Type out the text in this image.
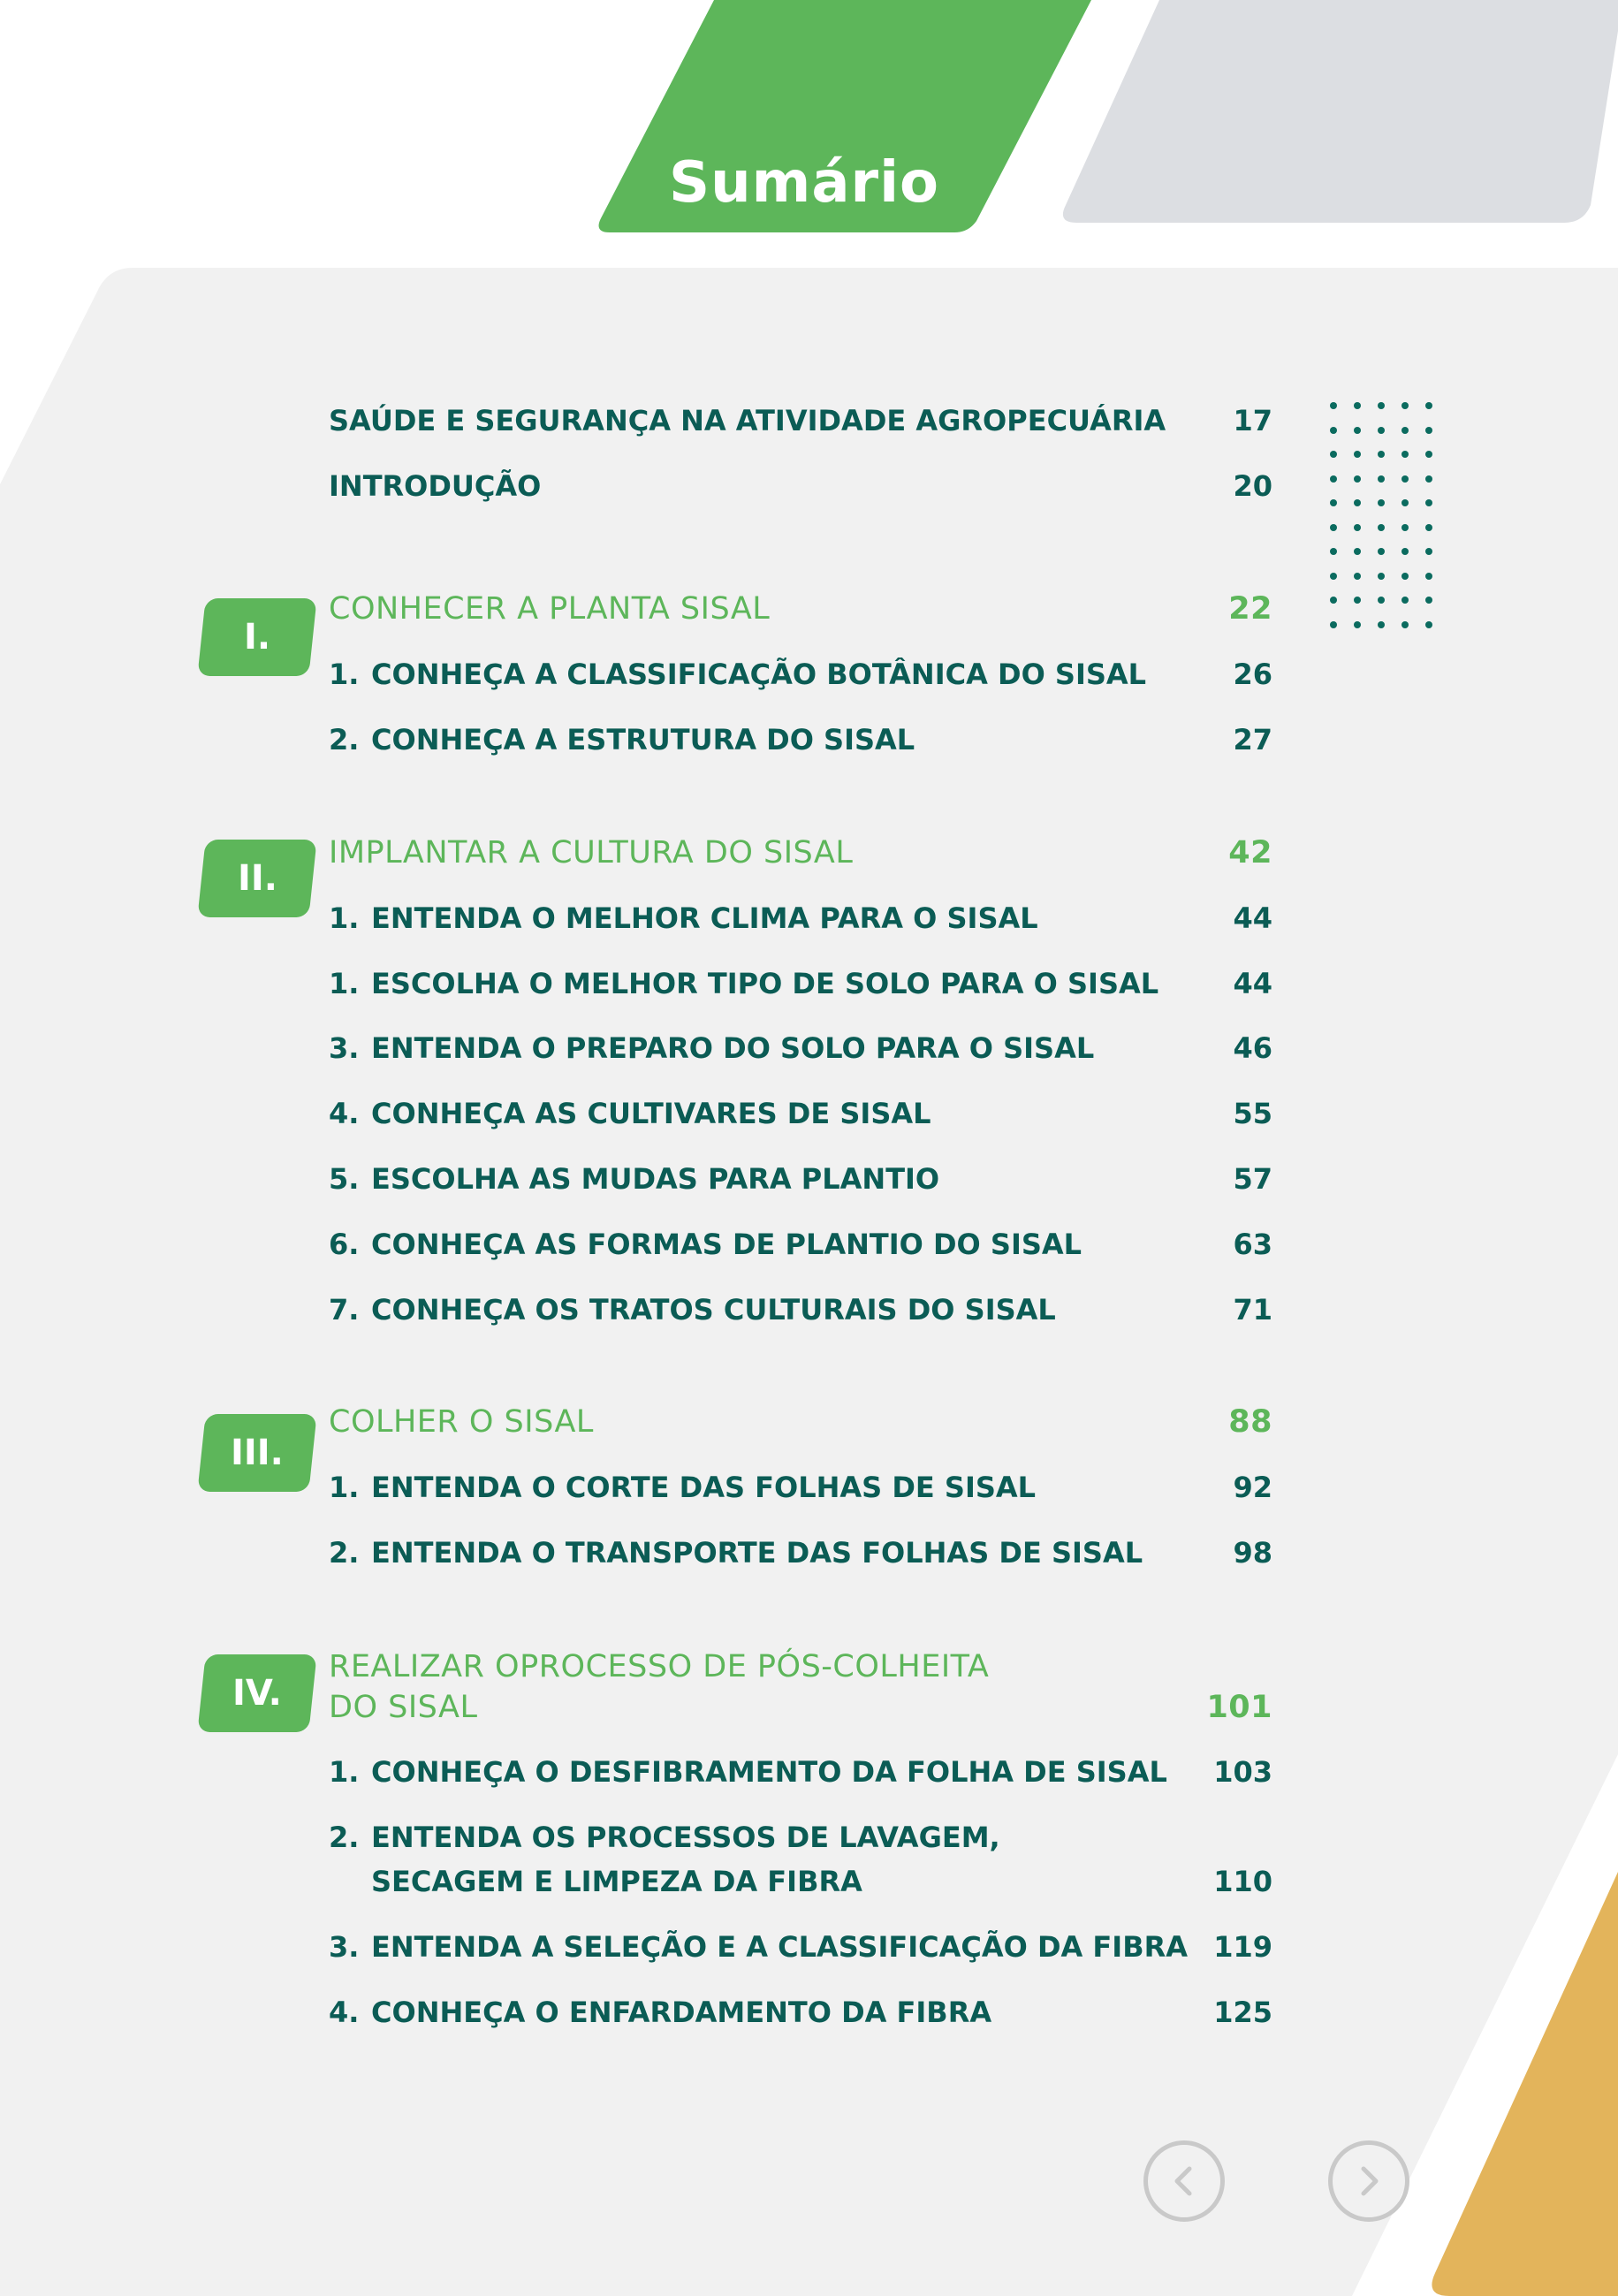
Sumário
SAÚDE E SEGURANÇA NA ATIVIDADE AGROPECUÁRIA 17
INTRODUÇÃO	20
I.
CONHECER A PLANTA SISAL	22
1. CONHEÇA A CLASSIFICAÇÃO BOTÂNICA DO SISAL	26
2. CONHEÇA A ESTRUTURA DO SISAL	27
II.
IMPLANTAR A CULTURA DO SISAL	42
1. ENTENDA O MELHOR CLIMA PARA O SISAL	44
1. ESCOLHA O MELHOR TIPO DE SOLO PARA O SISAL	44
3. ENTENDA O PREPARO DO SOLO PARA O SISAL	46
4. CONHEÇA AS CULTIVARES DE SISAL	55
5. ESCOLHA AS MUDAS PARA PLANTIO	57
6. CONHEÇA AS FORMAS DE PLANTIO DO SISAL	63
7. CONHEÇA OS TRATOS CULTURAIS DO SISAL	71
III.
COLHER O SISAL	88
1. ENTENDA O CORTE DAS FOLHAS DE SISAL	92
2. ENTENDA O TRANSPORTE DAS FOLHAS DE SISAL	98
IV.
REALIZAR OPROCESSO DE PÓS-COLHEITA
DO SISAL	101
1. CONHEÇA O DESFIBRAMENTO DA FOLHA DE SISAL 103
2. ENTENDA OS PROCESSOS DE LAVAGEM,
SECAGEM E LIMPEZA DA FIBRA	110
3. ENTENDA A SELEÇÃO E A CLASSIFICAÇÃO DA FIBRA 119
4. CONHEÇA O ENFARDAMENTO DA FIBRA	125
